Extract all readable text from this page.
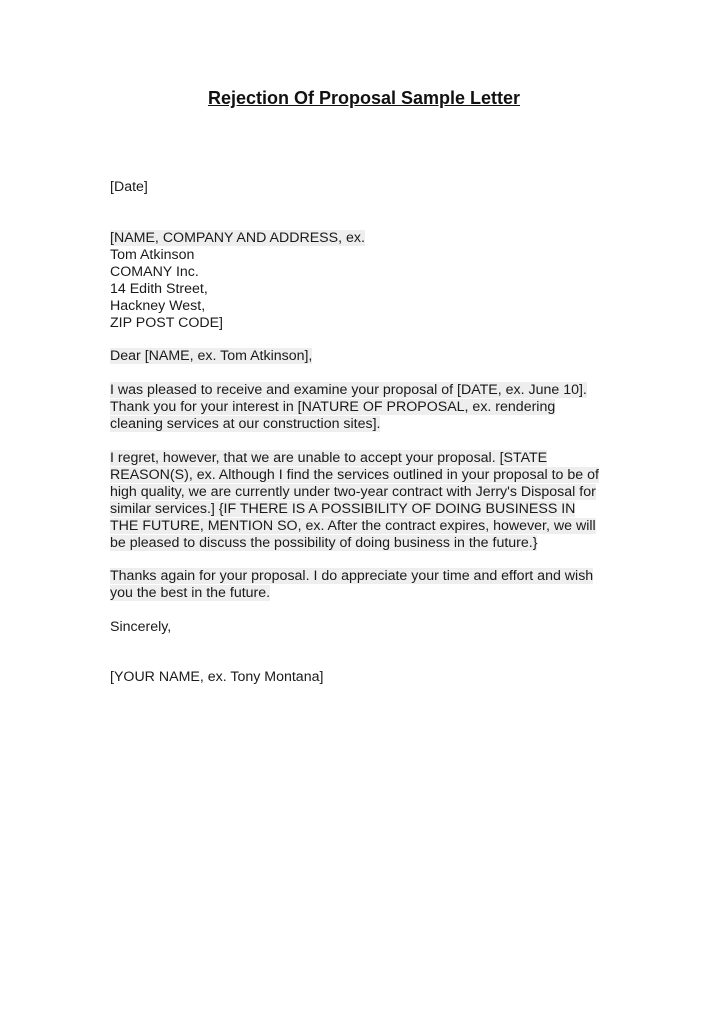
Rejection Of Proposal Sample Letter
[Date]
[NAME, COMPANY AND ADDRESS, ex.
Tom Atkinson
COMANY Inc.
14 Edith Street,
Hackney West,
ZIP POST CODE]
Dear [NAME, ex. Tom Atkinson],
I was pleased to receive and examine your proposal of [DATE, ex. June 10].
Thank you for your interest in [NATURE OF PROPOSAL, ex. rendering
cleaning services at our construction sites].
I regret, however, that we are unable to accept your proposal. [STATE
REASON(S), ex. Although I find the services outlined in your proposal to be of
high quality, we are currently under two-year contract with Jerry's Disposal for
similar services.] {IF THERE IS A POSSIBILITY OF DOING BUSINESS IN
THE FUTURE, MENTION SO, ex. After the contract expires, however, we will
be pleased to discuss the possibility of doing business in the future.}
Thanks again for your proposal. I do appreciate your time and effort and wish
you the best in the future.
Sincerely,
[YOUR NAME, ex. Tony Montana]
